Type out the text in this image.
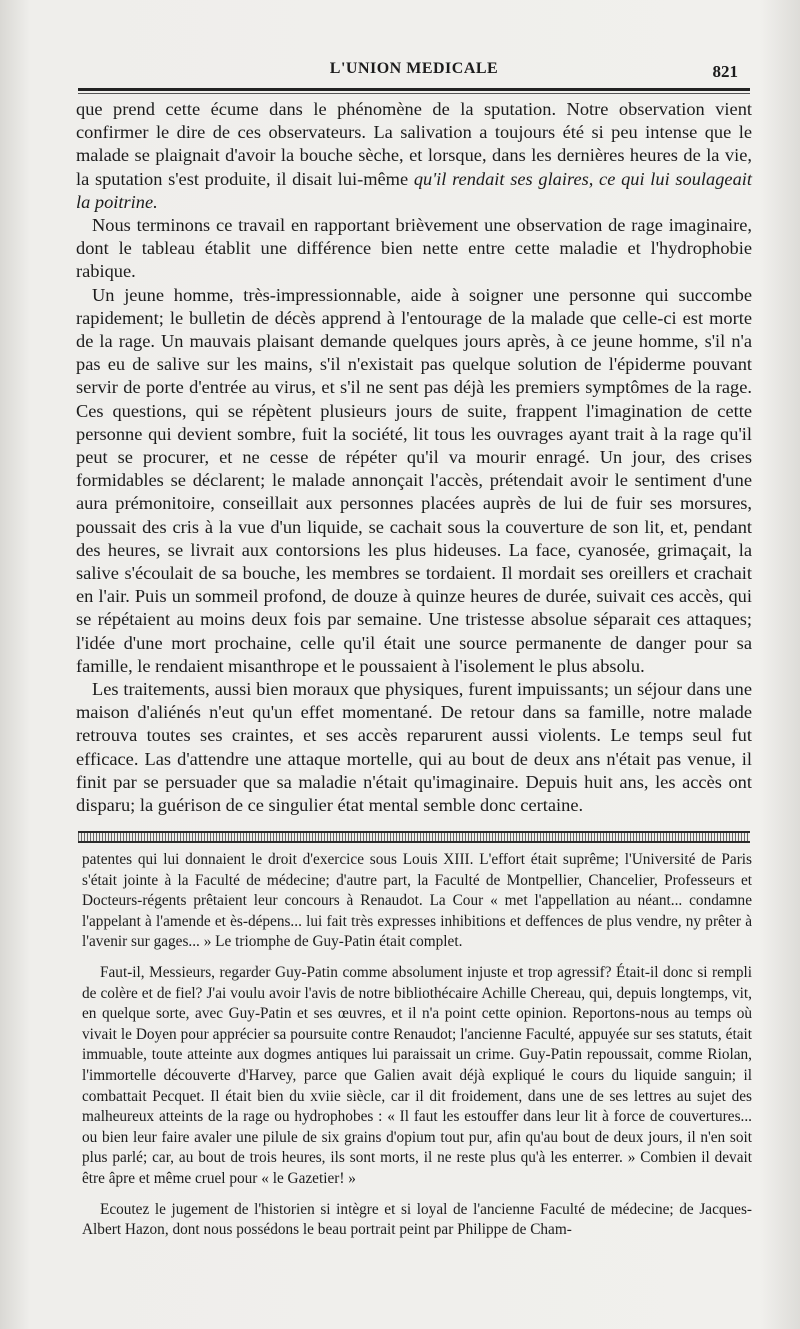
L'UNION MEDICALE	821

que prend cette écume dans le phénomène de la sputation. Notre observation vient confirmer le dire de ces observateurs. La salivation a toujours été si peu intense que le malade se plaignait d'avoir la bouche sèche, et lorsque, dans les dernières heures de la vie, la sputation s'est produite, il disait lui-même qu'il rendait ses glaires, ce qui lui soulageait la poitrine.

Nous terminons ce travail en rapportant brièvement une observation de rage imaginaire, dont le tableau établit une différence bien nette entre cette maladie et l'hydrophobie rabique.

Un jeune homme, très-impressionnable, aide à soigner une personne qui succombe rapidement; le bulletin de décès apprend à l'entourage de la malade que celle-ci est morte de la rage. Un mauvais plaisant demande quelques jours après, à ce jeune homme, s'il n'a pas eu de salive sur les mains, s'il n'existait pas quelque solution de l'épiderme pouvant servir de porte d'entrée au virus, et s'il ne sent pas déjà les premiers symptômes de la rage. Ces questions, qui se répètent plusieurs jours de suite, frappent l'imagination de cette personne qui devient sombre, fuit la société, lit tous les ouvrages ayant trait à la rage qu'il peut se procurer, et ne cesse de répéter qu'il va mourir enragé. Un jour, des crises formidables se déclarent; le malade annonçait l'accès, prétendait avoir le sentiment d'une aura prémonitoire, conseillait aux personnes placées auprès de lui de fuir ses morsures, poussait des cris à la vue d'un liquide, se cachait sous la couverture de son lit, et, pendant des heures, se livrait aux contorsions les plus hideuses. La face, cyanosée, grimaçait, la salive s'écoulait de sa bouche, les membres se tordaient. Il mordait ses oreillers et crachait en l'air. Puis un sommeil profond, de douze à quinze heures de durée, suivait ces accès, qui se répétaient au moins deux fois par semaine. Une tristesse absolue séparait ces attaques; l'idée d'une mort prochaine, celle qu'il était une source permanente de danger pour sa famille, le rendaient misanthrope et le poussaient à l'isolement le plus absolu.

Les traitements, aussi bien moraux que physiques, furent impuissants; un séjour dans une maison d'aliénés n'eut qu'un effet momentané. De retour dans sa famille, notre malade retrouva toutes ses craintes, et ses accès reparurent aussi violents. Le temps seul fut efficace. Las d'attendre une attaque mortelle, qui au bout de deux ans n'était pas venue, il finit par se persuader que sa maladie n'était qu'imaginaire. Depuis huit ans, les accès ont disparu; la guérison de ce singulier état mental semble donc certaine.

patentes qui lui donnaient le droit d'exercice sous Louis XIII. L'effort était suprême; l'Université de Paris s'était jointe à la Faculté de médecine; d'autre part, la Faculté de Montpellier, Chancelier, Professeurs et Docteurs-régents prêtaient leur concours à Renaudot. La Cour « met l'appellation au néant... condamne l'appelant à l'amende et ès-dépens... lui fait très expresses inhibitions et deffences de plus vendre, ny prêter à l'avenir sur gages... » Le triomphe de Guy-Patin était complet.

Faut-il, Messieurs, regarder Guy-Patin comme absolument injuste et trop agressif? Était-il donc si rempli de colère et de fiel? J'ai voulu avoir l'avis de notre bibliothécaire Achille Chereau, qui, depuis longtemps, vit, en quelque sorte, avec Guy-Patin et ses œuvres, et il n'a point cette opinion. Reportons-nous au temps où vivait le Doyen pour apprécier sa poursuite contre Renaudot; l'ancienne Faculté, appuyée sur ses statuts, était immuable, toute atteinte aux dogmes antiques lui paraissait un crime. Guy-Patin repoussait, comme Riolan, l'immortelle découverte d'Harvey, parce que Galien avait déjà expliqué le cours du liquide sanguin; il combattait Pecquet. Il était bien du xviie siècle, car il dit froidement, dans une de ses lettres au sujet des malheureux atteints de la rage ou hydrophobes : « Il faut les estouffer dans leur lit à force de couvertures... ou bien leur faire avaler une pilule de six grains d'opium tout pur, afin qu'au bout de deux jours, il n'en soit plus parlé; car, au bout de trois heures, ils sont morts, il ne reste plus qu'à les enterrer. » Combien il devait être âpre et même cruel pour « le Gazetier! »

Ecoutez le jugement de l'historien si intègre et si loyal de l'ancienne Faculté de médecine; de Jacques-Albert Hazon, dont nous possédons le beau portrait peint par Philippe de Cham-
